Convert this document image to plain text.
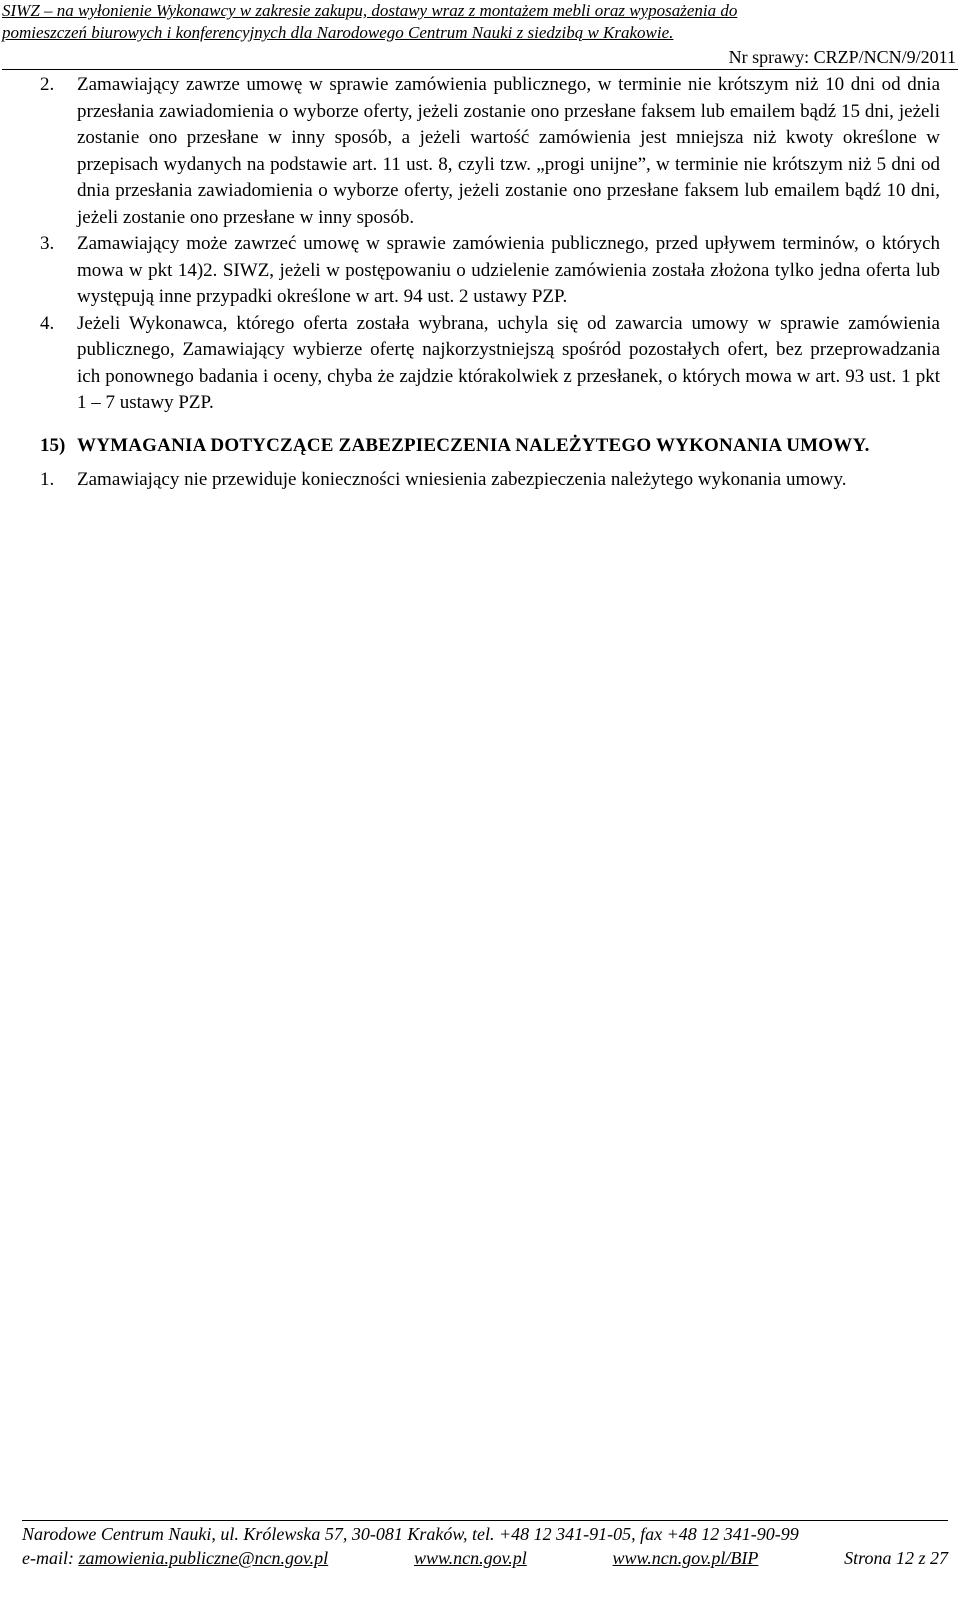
SIWZ – na wyłonienie Wykonawcy w zakresie zakupu, dostawy wraz z montażem mebli oraz wyposażenia do
pomieszczeń biurowych i konferencyjnych dla Narodowego Centrum Nauki z siedzibą w Krakowie.
Nr sprawy: CRZP/NCN/9/2011
2. Zamawiający zawrze umowę w sprawie zamówienia publicznego, w terminie nie krótszym niż 10 dni od dnia przesłania zawiadomienia o wyborze oferty, jeżeli zostanie ono przesłane faksem lub emailem bądź 15 dni, jeżeli zostanie ono przesłane w inny sposób, a jeżeli wartość zamówienia jest mniejsza niż kwoty określone w przepisach wydanych na podstawie art. 11 ust. 8, czyli tzw. „progi unijne”, w terminie nie krótszym niż 5 dni od dnia przesłania zawiadomienia o wyborze oferty, jeżeli zostanie ono przesłane faksem lub emailem bądź 10 dni, jeżeli zostanie ono przesłane w inny sposób.
3. Zamawiający może zawrzeć umowę w sprawie zamówienia publicznego, przed upływem terminów, o których mowa w pkt 14)2. SIWZ, jeżeli w postępowaniu o udzielenie zamówienia została złożona tylko jedna oferta lub występują inne przypadki określone w art. 94 ust. 2 ustawy PZP.
4. Jeżeli Wykonawca, którego oferta została wybrana, uchyla się od zawarcia umowy w sprawie zamówienia publicznego, Zamawiający wybierze ofertę najkorzystniejszą spośród pozostałych ofert, bez przeprowadzania ich ponownego badania i oceny, chyba że zajdzie którakolwiek z przesłanek, o których mowa w art. 93 ust. 1 pkt 1 – 7 ustawy PZP.
15) WYMAGANIA DOTYCZĄCE ZABEZPIECZENIA NALEŻYTEGO WYKONANIA UMOWY.
1. Zamawiający nie przewiduje konieczności wniesienia zabezpieczenia należytego wykonania umowy.
Narodowe Centrum Nauki, ul. Królewska 57, 30-081 Kraków, tel. +48 12 341-91-05, fax +48 12 341-90-99
e-mail: zamowienia.publiczne@ncn.gov.pl	www.ncn.gov.pl	www.ncn.gov.pl/BIP	Strona 12 z 27
